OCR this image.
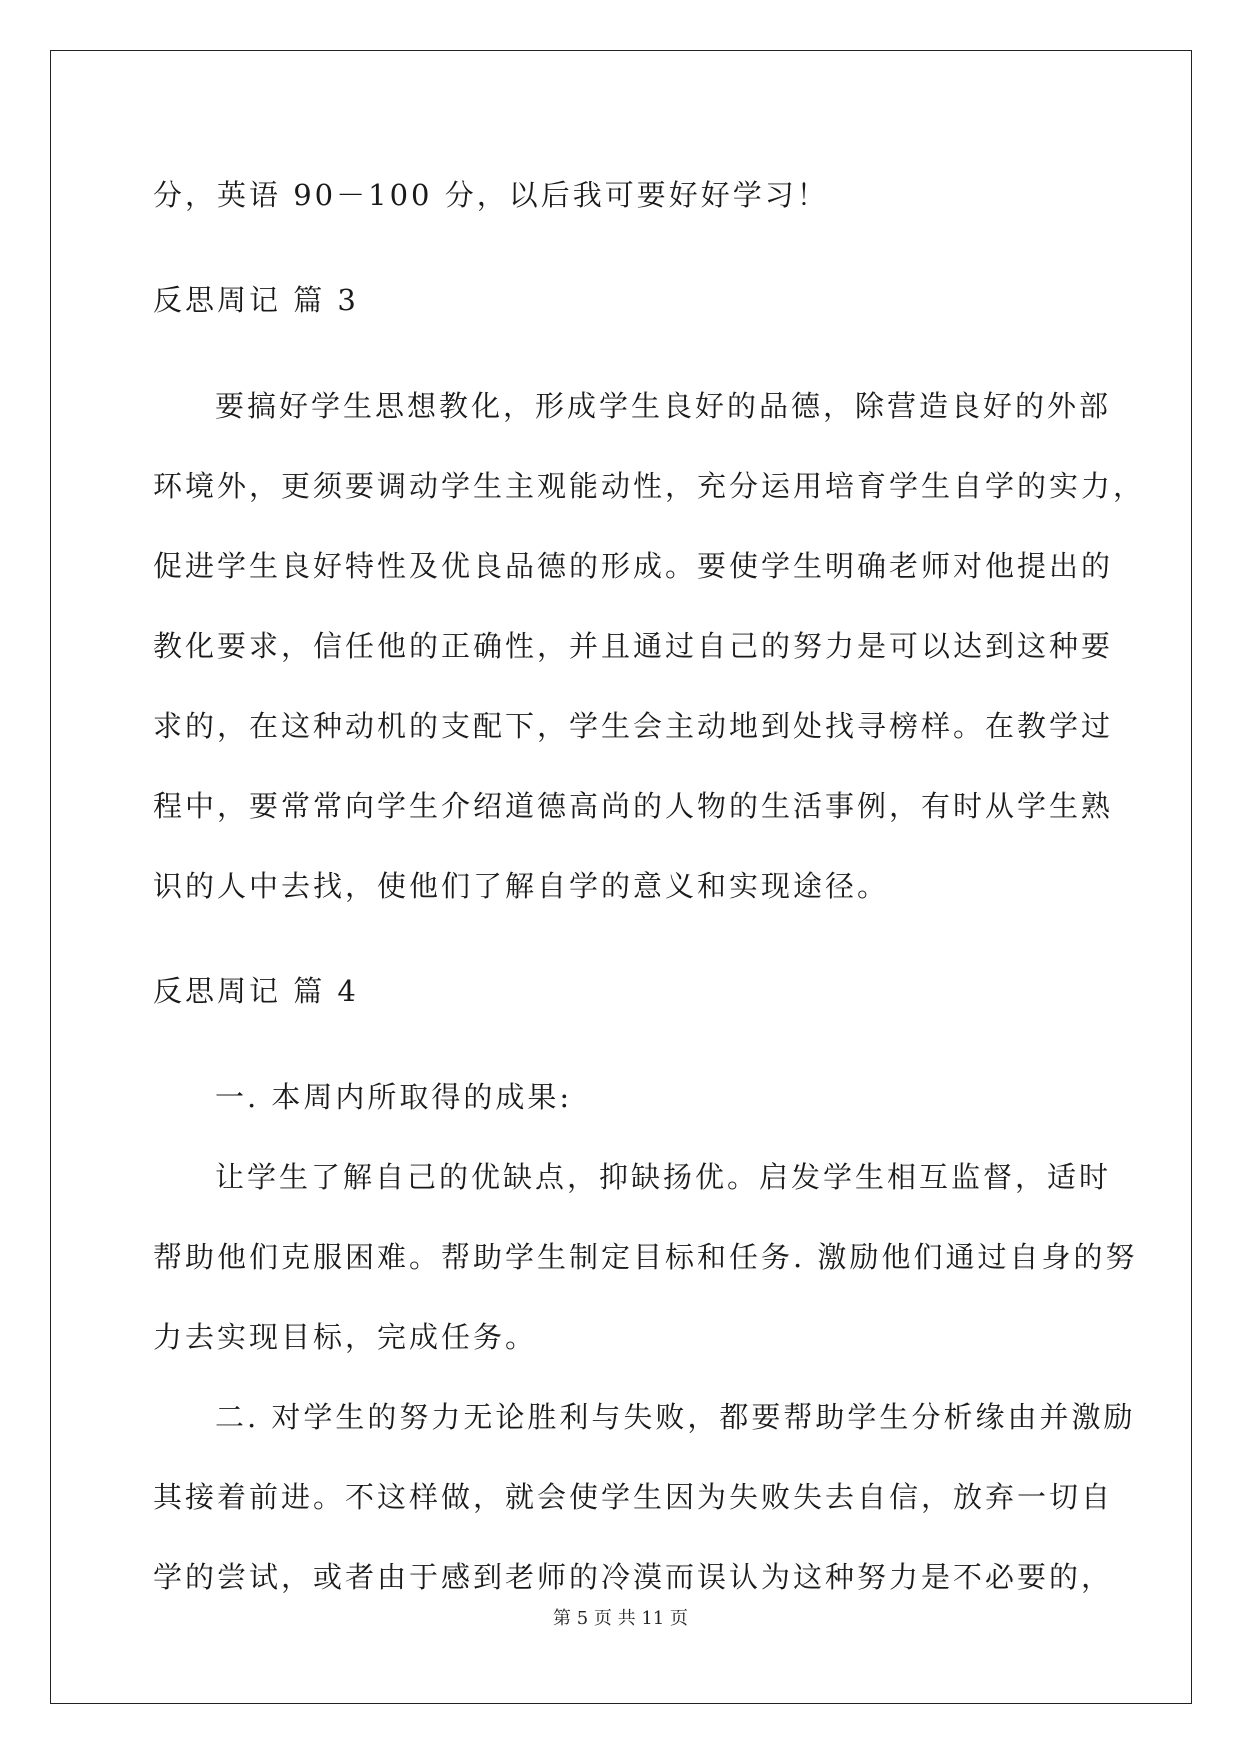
分，英语 90－100 分，以后我可要好好学习！

反思周记 篇 3

要搞好学生思想教化，形成学生良好的品德，除营造良好的外部

环境外，更须要调动学生主观能动性，充分运用培育学生自学的实力，

促进学生良好特性及优良品德的形成。要使学生明确老师对他提出的

教化要求，信任他的正确性，并且通过自己的努力是可以达到这种要

求的，在这种动机的支配下，学生会主动地到处找寻榜样。在教学过

程中，要常常向学生介绍道德高尚的人物的生活事例，有时从学生熟

识的人中去找，使他们了解自学的意义和实现途径。

反思周记 篇 4

一. 本周内所取得的成果:

让学生了解自己的优缺点，抑缺扬优。启发学生相互监督，适时

帮助他们克服困难。帮助学生制定目标和任务. 激励他们通过自身的努

力去实现目标，完成任务。

二. 对学生的努力无论胜利与失败，都要帮助学生分析缘由并激励

其接着前进。不这样做，就会使学生因为失败失去自信，放弃一切自

学的尝试，或者由于感到老师的冷漠而误认为这种努力是不必要的，

第 5 页 共 11 页
